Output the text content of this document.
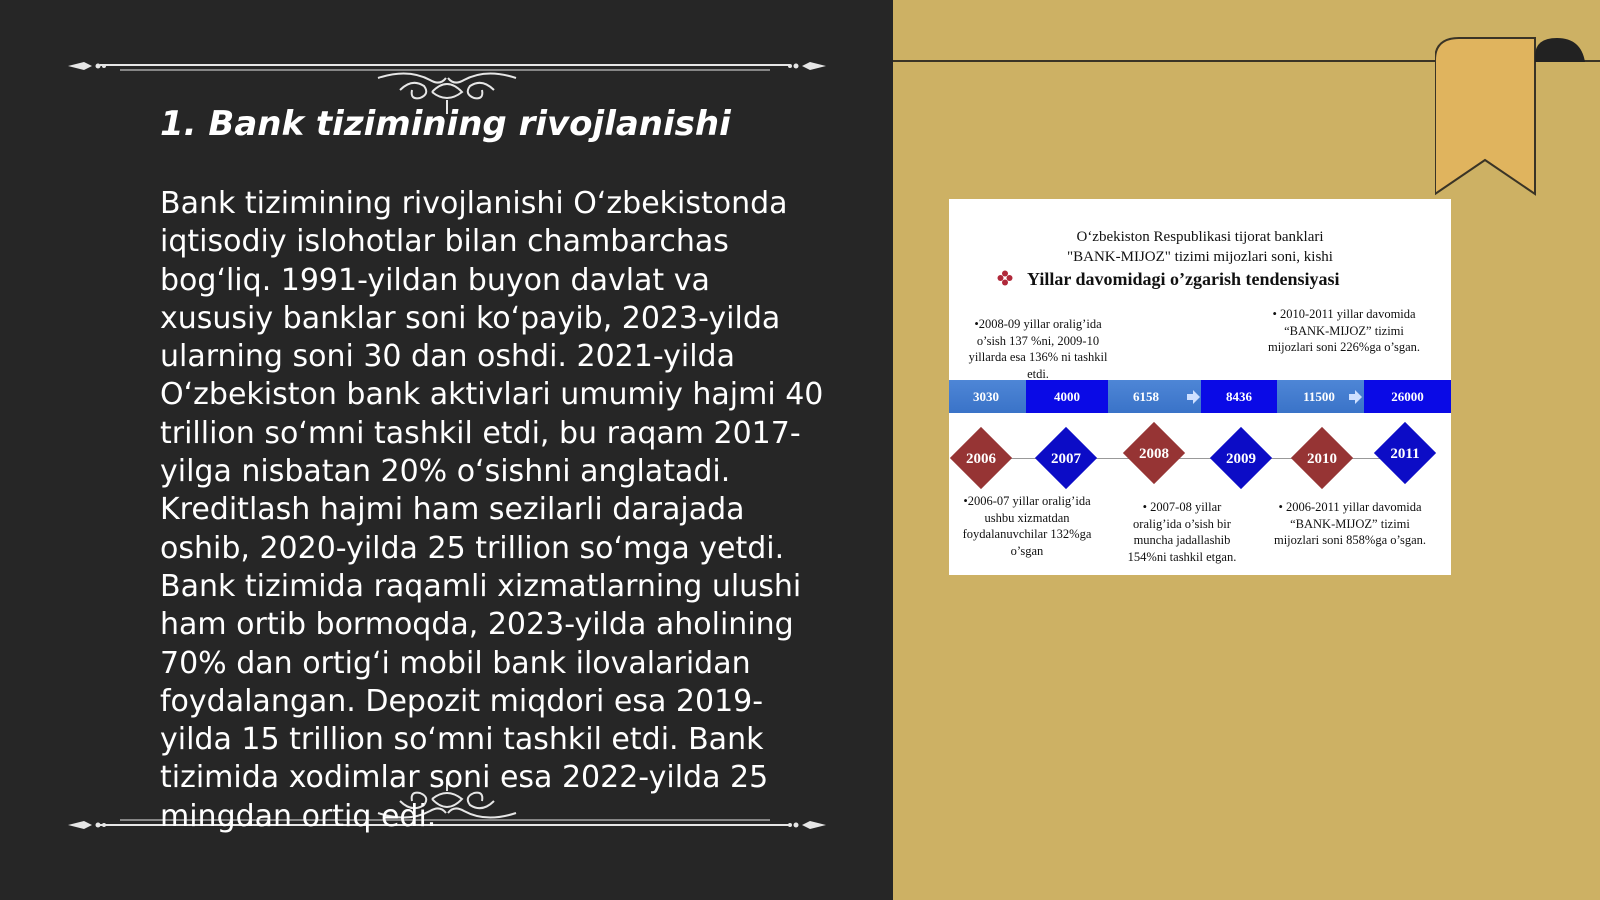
1. Bank tizimining rivojlanishi

Bank tizimining rivojlanishi O‘zbekistonda iqtisodiy islohotlar bilan chambarchas bog‘liq. 1991-yildan buyon davlat va xususiy banklar soni ko‘payib, 2023-yilda ularning soni 30 dan oshdi. 2021-yilda O‘zbekiston bank aktivlari umumiy hajmi 40 trillion so‘mni tashkil etdi, bu raqam 2017-yilga nisbatan 20% o‘sishni anglatadi. Kreditlash hajmi ham sezilarli darajada oshib, 2020-yilda 25 trillion so‘mga yetdi. Bank tizimida raqamli xizmatlarning ulushi ham ortib bormoqda, 2023-yilda aholining 70% dan ortig‘i mobil bank ilovalaridan foydalangan. Depozit miqdori esa 2019-yilda 15 trillion so‘mni tashkil etdi. Bank tizimida xodimlar soni esa 2022-yilda 25 mingdan ortiq edi.

O‘zbekiston Respublikasi tijorat banklari
"BANK-MIJOZ" tizimi mijozlari soni, kishi
Yillar davomidagi o’zgarish tendensiyasi
•2008-09 yillar oralig’ida o’sish 137 %ni, 2009-10 yillarda esa 136% ni tashkil etdi.
• 2010-2011 yillar davomida “BANK-MIJOZ” tizimi mijozlari soni 226%ga o’sgan.
3030	4000	6158	8436	11500	26000
2006	2007	2008	2009	2010	2011
•2006-07 yillar oralig’ida ushbu xizmatdan foydalanuvchilar 132%ga o’sgan
• 2007-08 yillar oralig’ida o’sish bir muncha jadallashib 154%ni tashkil etgan.
• 2006-2011 yillar davomida “BANK-MIJOZ” tizimi mijozlari soni 858%ga o’sgan.
